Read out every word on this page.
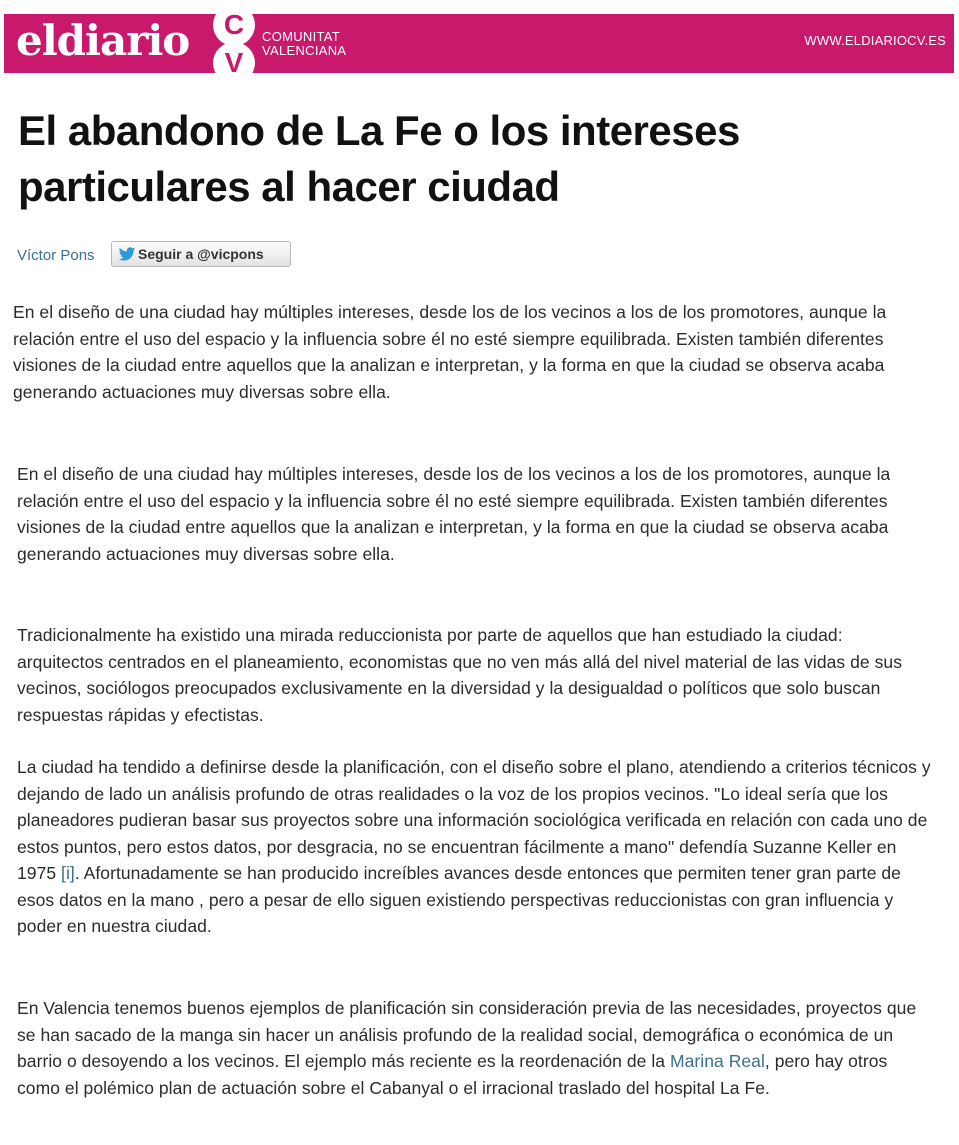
eldiario	C
V
COMUNITAT
VALENCIANA
WWW.ELDIARIOCV.ES
El abandono de La Fe o los intereses particulares al hacer ciudad
Víctor Pons	Seguir a @vicpons

En el diseño de una ciudad hay múltiples intereses, desde los de los vecinos a los de los promotores, aunque la relación entre el uso del espacio y la influencia sobre él no esté siempre equilibrada. Existen también diferentes visiones de la ciudad entre aquellos que la analizan e interpretan, y la forma en que la ciudad se observa acaba generando actuaciones muy diversas sobre ella.

En el diseño de una ciudad hay múltiples intereses, desde los de los vecinos a los de los promotores, aunque la relación entre el uso del espacio y la influencia sobre él no esté siempre equilibrada. Existen también diferentes visiones de la ciudad entre aquellos que la analizan e interpretan, y la forma en que la ciudad se observa acaba generando actuaciones muy diversas sobre ella.

Tradicionalmente ha existido una mirada reduccionista por parte de aquellos que han estudiado la ciudad: arquitectos centrados en el planeamiento, economistas que no ven más allá del nivel material de las vidas de sus vecinos, sociólogos preocupados exclusivamente en la diversidad y la desigualdad o políticos que solo buscan respuestas rápidas y efectistas.

La ciudad ha tendido a definirse desde la planificación, con el diseño sobre el plano, atendiendo a criterios técnicos y dejando de lado un análisis profundo de otras realidades o la voz de los propios vecinos. "Lo ideal sería que los planeadores pudieran basar sus proyectos sobre una información sociológica verificada en relación con cada uno de estos puntos, pero estos datos, por desgracia, no se encuentran fácilmente a mano" defendía Suzanne Keller en 1975 [i]. Afortunadamente se han producido increíbles avances desde entonces que permiten tener gran parte de esos datos en la mano , pero a pesar de ello siguen existiendo perspectivas reduccionistas con gran influencia y poder en nuestra ciudad.

En Valencia tenemos buenos ejemplos de planificación sin consideración previa de las necesidades, proyectos que se han sacado de la manga sin hacer un análisis profundo de la realidad social, demográfica o económica de un barrio o desoyendo a los vecinos. El ejemplo más reciente es la reordenación de la Marina Real, pero hay otros como el polémico plan de actuación sobre el Cabanyal o el irracional traslado del hospital La Fe.
